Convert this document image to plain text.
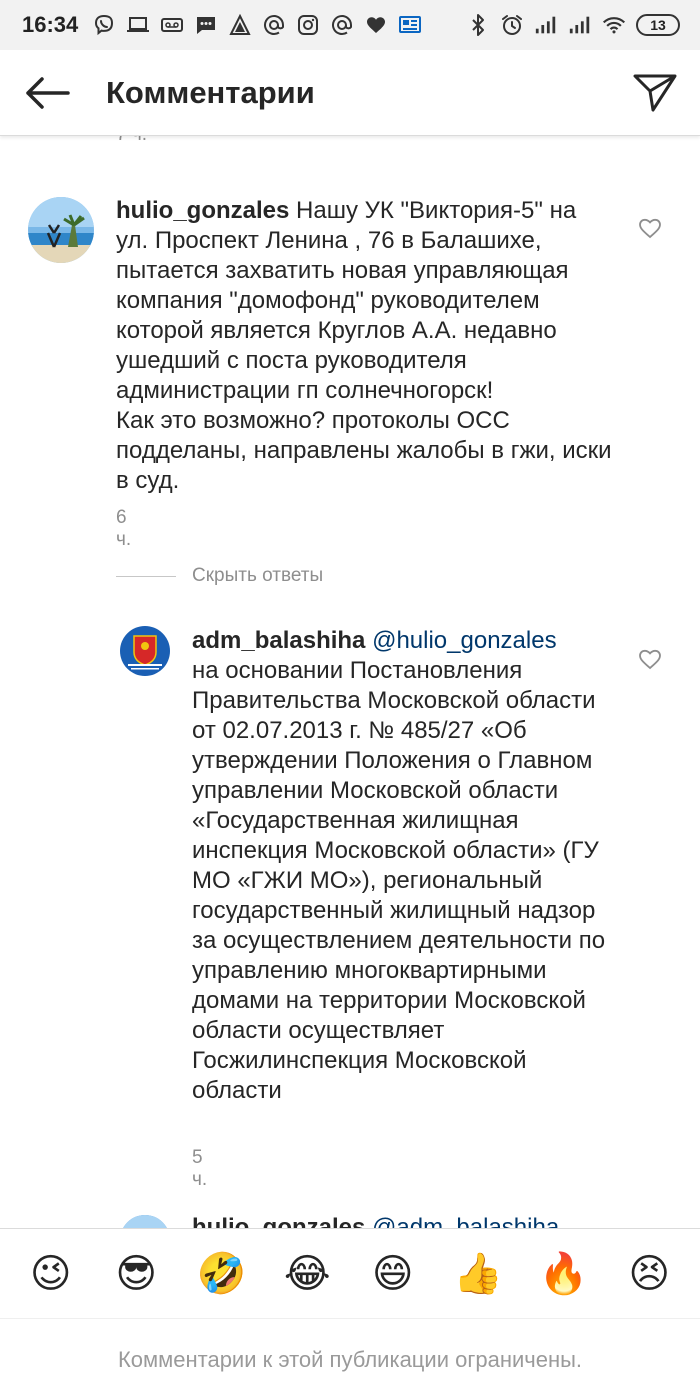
16:34	13
Комментарии
hulio_gonzales Нашу УК "Виктория-5" на ул. Проспект Ленина , 76 в Балашихе, пытается захватить новая управляющая компания "домофонд" руководителем которой является Круглов А.А. недавно ушедший с поста руководителя администрации гп солнечногорск!
Как это возможно? протоколы ОСС подделаны, направлены жалобы в гжи, иски в суд.
6 ч.
Скрыть ответы
adm_balashiha @hulio_gonzales
на основании Постановления Правительства Московской области от 02.07.2013 г. № 485/27 «Об утверждении Положения о Главном управлении Московской области «Государственная жилищная инспекция Московской области» (ГУ МО «ГЖИ МО»), региональный государственный жилищный надзор за осуществлением деятельности по управлению многоквартирными домами на территории Московской области осуществляет Госжилинспекция Московской области
5 ч.
😉 😎 🤣 😂 😄 👍 🔥 😣
Комментарии к этой публикации ограничены.
